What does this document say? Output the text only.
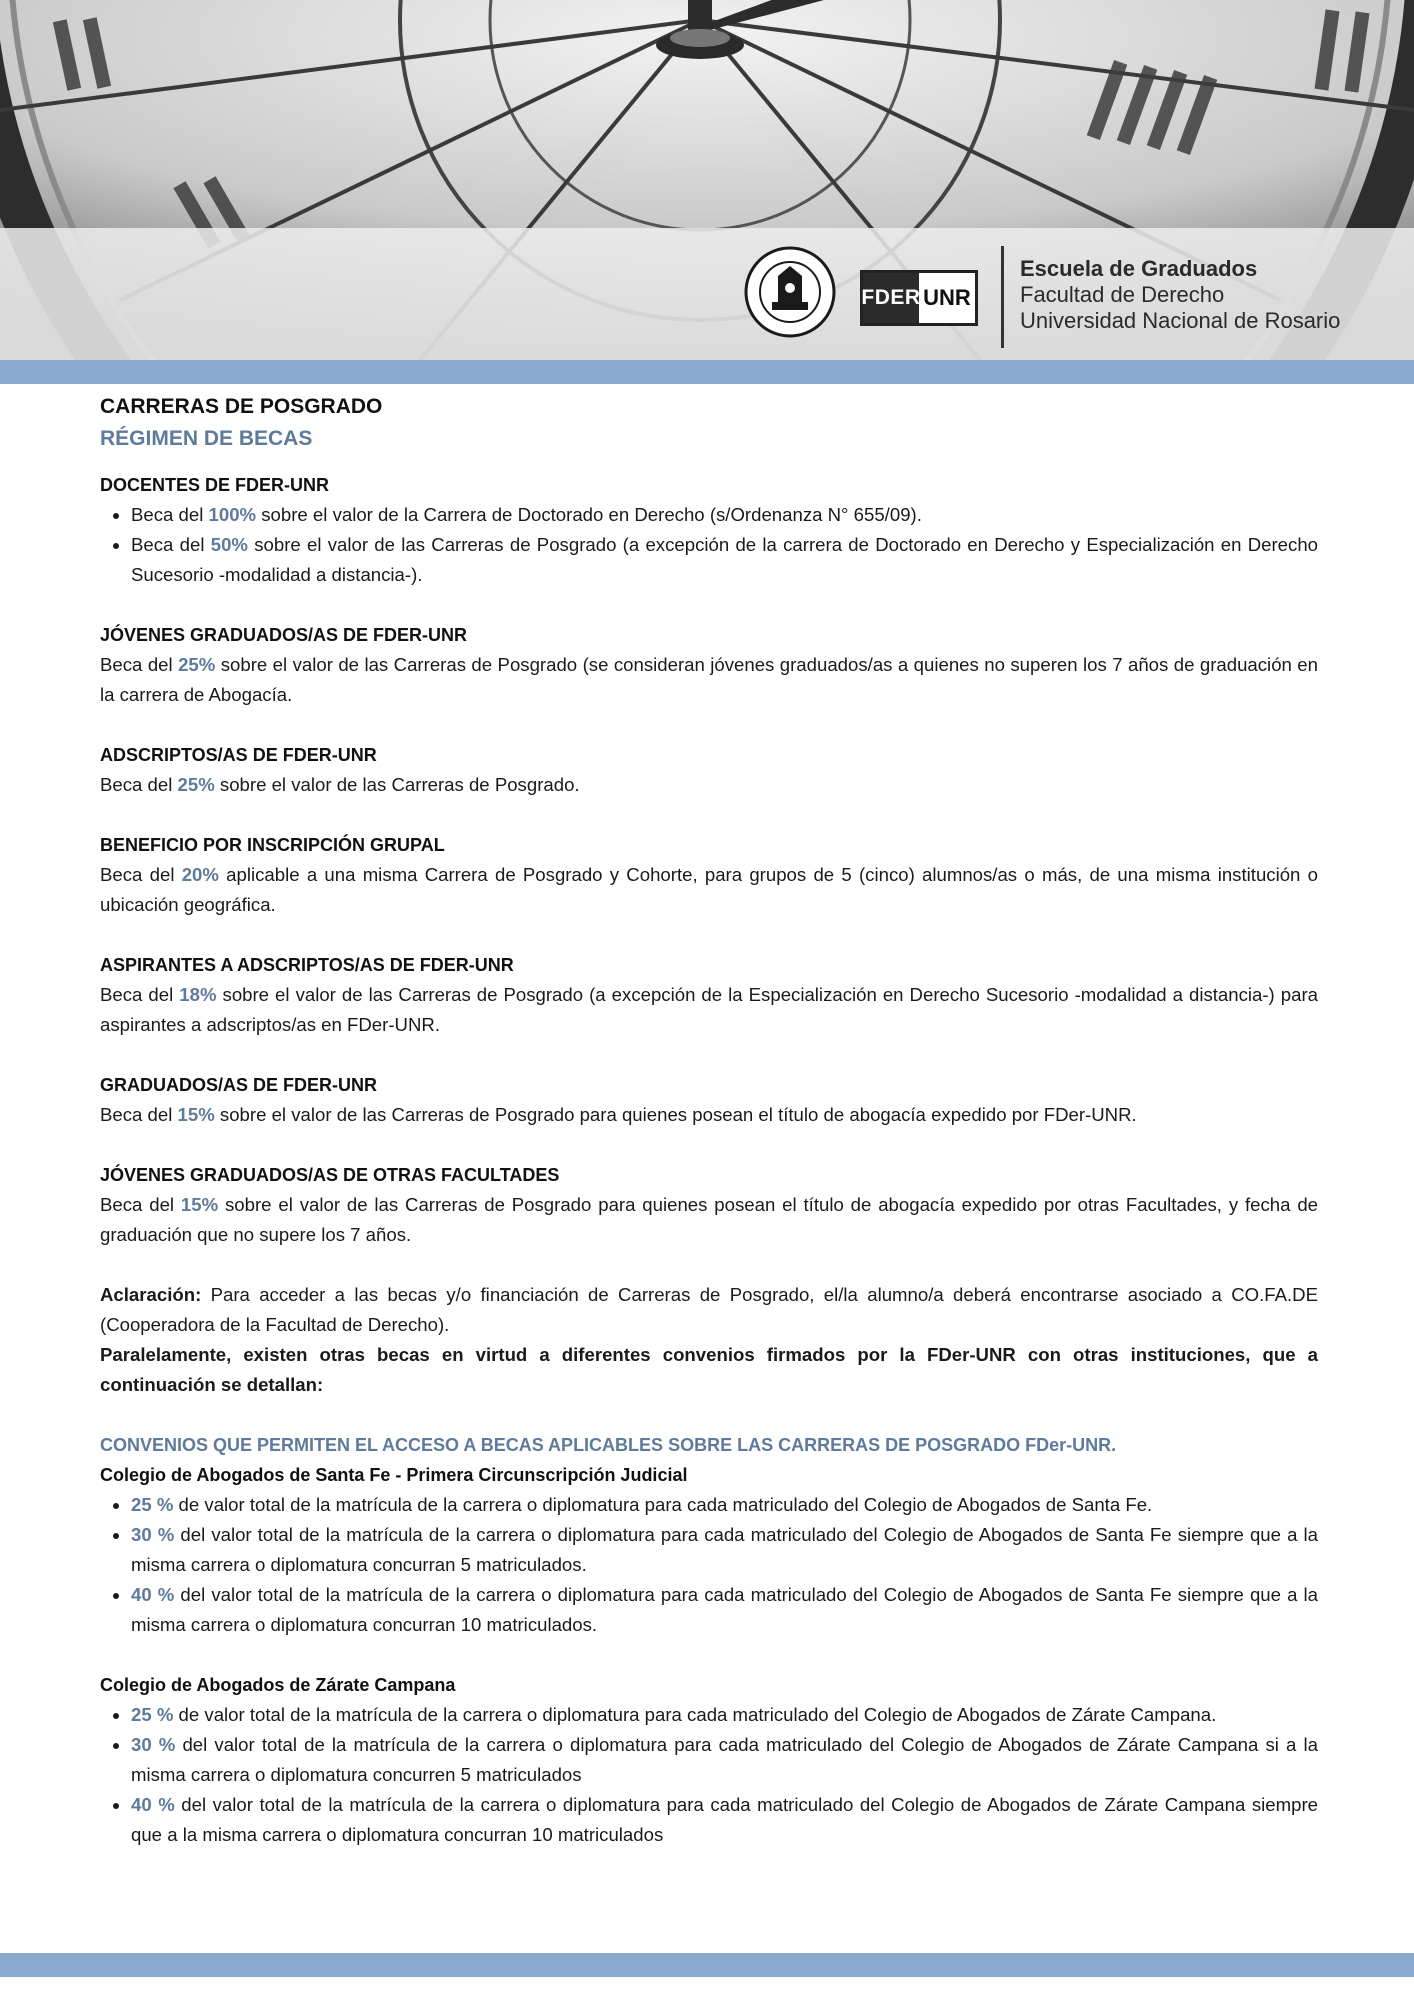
FDER UNR
Escuela de Graduados
Facultad de Derecho
Universidad Nacional de Rosario
CARRERAS DE POSGRADO
RÉGIMEN DE BECAS
DOCENTES DE FDER-UNR
• Beca del 100% sobre el valor de la Carrera de Doctorado en Derecho (s/Ordenanza N° 655/09).
• Beca del 50% sobre el valor de las Carreras de Posgrado (a excepción de la carrera de Doctorado en Derecho y Especialización en Derecho Sucesorio -modalidad a distancia-).
JÓVENES GRADUADOS/AS DE FDER-UNR

Beca del 25% sobre el valor de las Carreras de Posgrado (se consideran jóvenes graduados/as a quienes no superen los 7 años de graduación en la carrera de Abogacía.

ADSCRIPTOS/AS DE FDER-UNR

Beca del 25% sobre el valor de las Carreras de Posgrado.

BENEFICIO POR INSCRIPCIÓN GRUPAL

Beca del 20% aplicable a una misma Carrera de Posgrado y Cohorte, para grupos de 5 (cinco) alumnos/as o más, de una misma institución o ubicación geográfica.

ASPIRANTES A ADSCRIPTOS/AS DE FDER-UNR

Beca del 18% sobre el valor de las Carreras de Posgrado (a excepción de la Especialización en Derecho Sucesorio -modalidad a distancia-) para aspirantes a adscriptos/as en FDer-UNR.

GRADUADOS/AS DE FDER-UNR

Beca del 15% sobre el valor de las Carreras de Posgrado para quienes posean el título de abogacía expedido por FDer-UNR.

JÓVENES GRADUADOS/AS DE OTRAS FACULTADES

Beca del 15% sobre el valor de las Carreras de Posgrado para quienes posean el título de abogacía expedido por otras Facultades, y fecha de graduación que no supere los 7 años.

Aclaración: Para acceder a las becas y/o financiación de Carreras de Posgrado, el/la alumno/a deberá encontrarse asociado a CO.FA.DE (Cooperadora de la Facultad de Derecho).

Paralelamente, existen otras becas en virtud a diferentes convenios firmados por la FDer-UNR con otras instituciones, que a continuación se detallan:

CONVENIOS QUE PERMITEN EL ACCESO A BECAS APLICABLES SOBRE LAS CARRERAS DE POSGRADO FDer-UNR.
Colegio de Abogados de Santa Fe - Primera Circunscripción Judicial
• 25 % de valor total de la matrícula de la carrera o diplomatura para cada matriculado del Colegio de Abogados de Santa Fe.
• 30 % del valor total de la matrícula de la carrera o diplomatura para cada matriculado del Colegio de Abogados de Santa Fe siempre que a la misma carrera o diplomatura concurran 5 matriculados.
• 40 % del valor total de la matrícula de la carrera o diplomatura para cada matriculado del Colegio de Abogados de Santa Fe siempre que a la misma carrera o diplomatura concurran 10 matriculados.
Colegio de Abogados de Zárate Campana
• 25 % de valor total de la matrícula de la carrera o diplomatura para cada matriculado del Colegio de Abogados de Zárate Campana.
• 30 % del valor total de la matrícula de la carrera o diplomatura para cada matriculado del Colegio de Abogados de Zárate Campana si a la misma carrera o diplomatura concurren 5 matriculados
• 40 % del valor total de la matrícula de la carrera o diplomatura para cada matriculado del Colegio de Abogados de Zárate Campana siempre que a la misma carrera o diplomatura concurran 10 matriculados
